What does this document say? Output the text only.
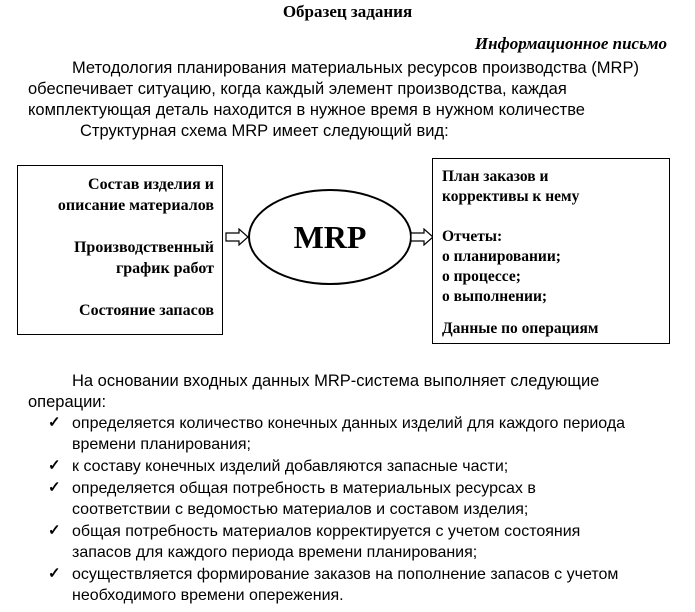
Образец задания
Информационное письмо
Методология планирования материальных ресурсов производства (MRP)
обеспечивает ситуацию, когда каждый элемент производства, каждая
комплектующая деталь находится в нужное время в нужном количестве
Структурная схема MRP имеет следующий вид:
Состав изделия и
описание материалов
Производственный
график работ
Состояние запасов
MRP
План заказов и
коррективы к нему
Отчеты:
о планировании;
о процессе;
о выполнении;
Данные по операциям
На основании входных данных MRP-система выполняет следующие
операции:
✓ определяется количество конечных данных изделий для каждого периода
времени планирования;
✓ к составу конечных изделий добавляются запасные части;
✓ определяется общая потребность в материальных ресурсах в
соответствии с ведомостью материалов и составом изделия;
✓ общая потребность материалов корректируется с учетом состояния
запасов для каждого периода времени планирования;
✓ осуществляется формирование заказов на пополнение запасов с учетом
необходимого времени опережения.
